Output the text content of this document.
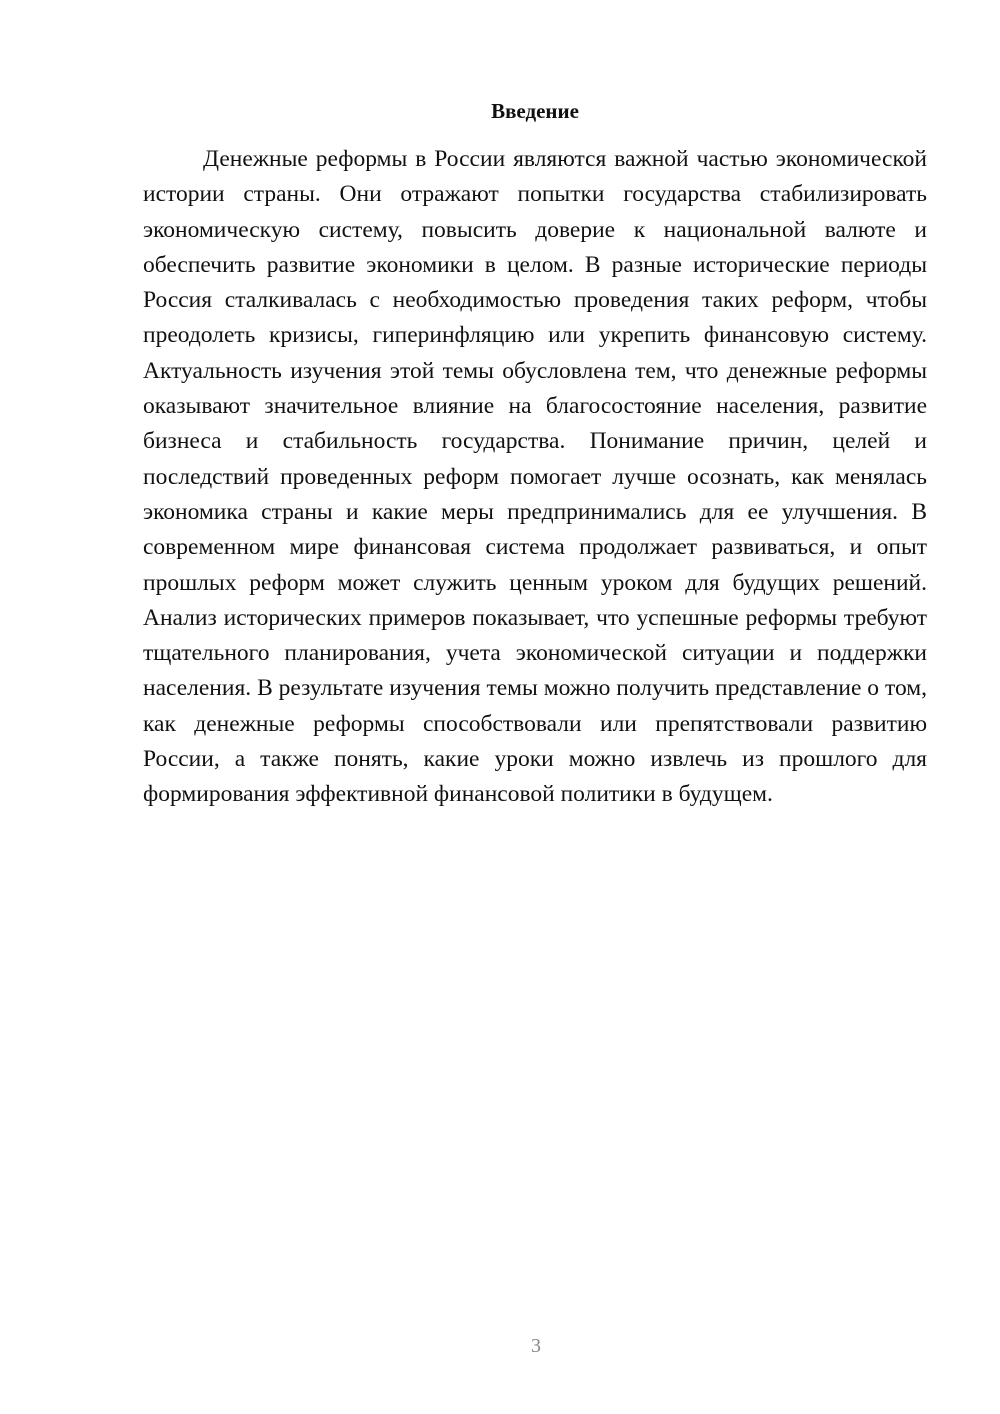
Введение

Денежные реформы в России являются важной частью экономической истории страны. Они отражают попытки государства стабилизировать экономическую систему, повысить доверие к национальной валюте и обеспечить развитие экономики в целом. В разные исторические периоды Россия сталкивалась с необходимостью проведения таких реформ, чтобы преодолеть кризисы, гиперинфляцию или укрепить финансовую систему. Актуальность изучения этой темы обусловлена тем, что денежные реформы оказывают значительное влияние на благосостояние населения, развитие бизнеса и стабильность государства. Понимание причин, целей и последствий проведенных реформ помогает лучше осознать, как менялась экономика страны и какие меры предпринимались для ее улучшения. В современном мире финансовая система продолжает развиваться, и опыт прошлых реформ может служить ценным уроком для будущих решений. Анализ исторических примеров показывает, что успешные реформы требуют тщательного планирования, учета экономической ситуации и поддержки населения. В результате изучения темы можно получить представление о том, как денежные реформы способствовали или препятствовали развитию России, а также понять, какие уроки можно извлечь из прошлого для формирования эффективной финансовой политики в будущем.

3
